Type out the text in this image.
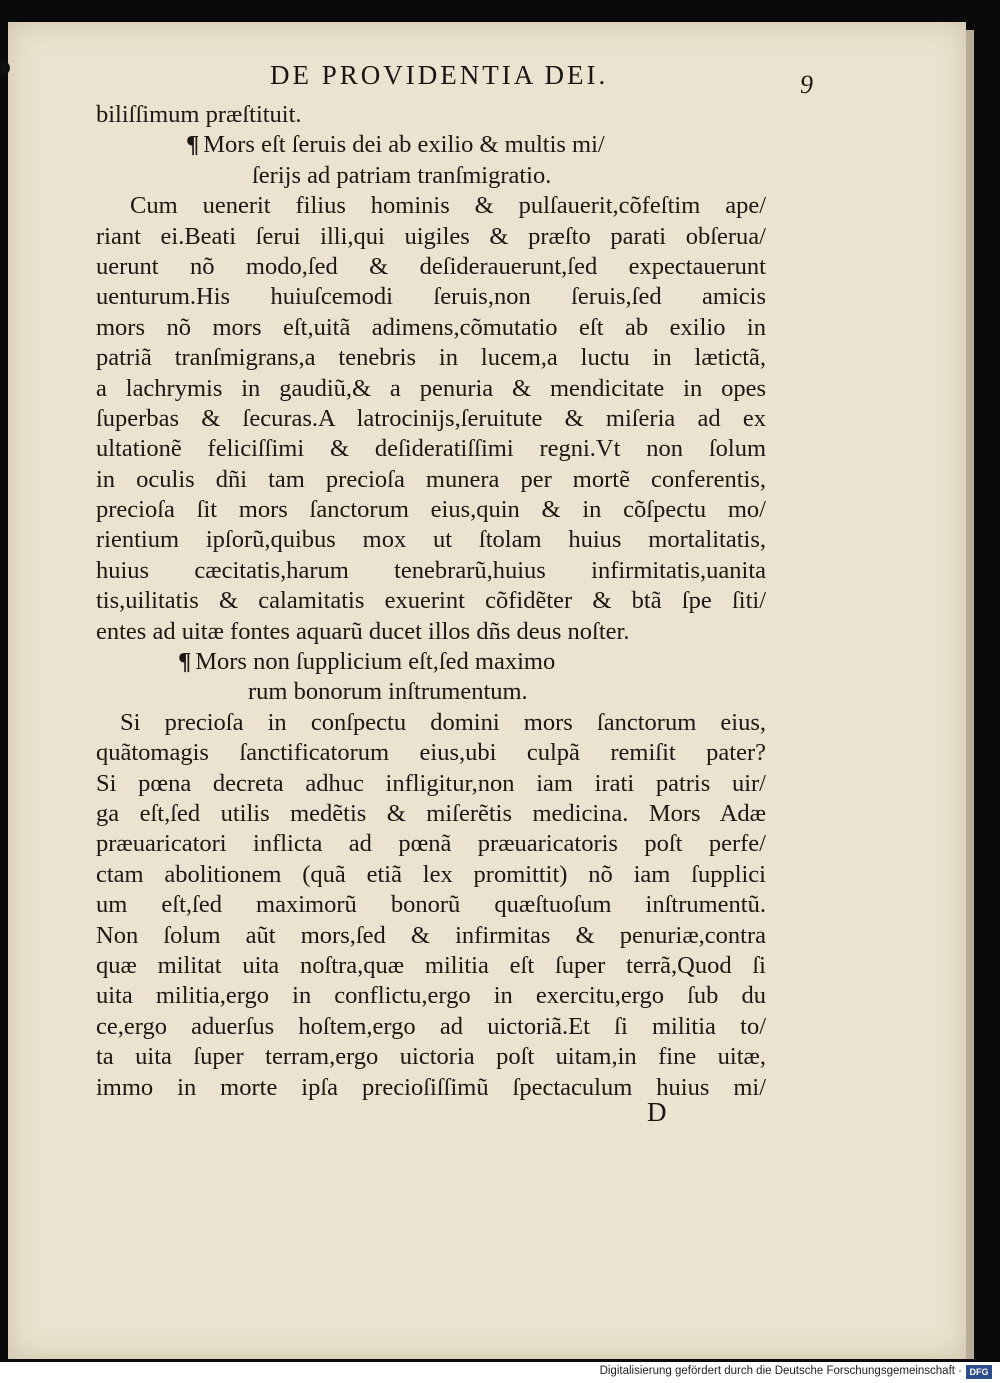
DE PROVIDENTIA DEI.	9
biliſſimum præſtituit.
¶ Mors eſt ſeruis dei ab exilio & multis mi/
ſerijs ad patriam tranſmigratio.
Cum uenerit filius hominis & pulſauerit,cõfeſtim ape/
riant ei.Beati ſerui illi,qui uigiles & præſto parati obſerua/
uerunt nõ modo,ſed & deſiderauerunt,ſed expectauerunt
uenturum.His huiuſcemodi ſeruis,non ſeruis,ſed amicis
mors nõ mors eſt,uitã adimens,cõmutatio eſt ab exilio in
patriã tranſmigrans,a tenebris in lucem,a luctu in lætictã,
a lachrymis in gaudiũ,& a penuria & mendicitate in opes
ſuperbas & ſecuras.A latrocinijs,ſeruitute & miſeria ad ex
ultationẽ feliciſſimi & deſideratiſſimi regni.Vt non ſolum
in oculis dñi tam precioſa munera per mortẽ conferentis,
precioſa ſit mors ſanctorum eius,quin & in cõſpectu mo/
rientium ipſorũ,quibus mox ut ſtolam huius mortalitatis,
huius cæcitatis,harum tenebrarũ,huius infirmitatis,uanita
tis,uilitatis & calamitatis exuerint cõfidẽter & btã ſpe ſiti/
entes ad uitæ fontes aquarũ ducet illos dñs deus noſter.
¶ Mors non ſupplicium eſt,ſed maximo
rum bonorum inſtrumentum.
Si precioſa in conſpectu domini mors ſanctorum eius,
quãtomagis ſanctificatorum eius,ubi culpã remiſit pater?
Si pœna decreta adhuc infligitur,non iam irati patris uir/
ga eſt,ſed utilis medẽtis & miſerẽtis medicina. Mors Adæ
præuaricatori inflicta ad pœnã præuaricatoris poſt perfe/
ctam abolitionem (quã etiã lex promittit) nõ iam ſupplici
um eſt,ſed maximorũ bonorũ quæſtuoſum inſtrumentũ.
Non ſolum aũt mors,ſed & infirmitas & penuriæ,contra
quæ militat uita noſtra,quæ militia eſt ſuper terrã,Quod ſi
uita militia,ergo in conflictu,ergo in exercitu,ergo ſub du
ce,ergo aduerſus hoſtem,ergo ad uictoriã.Et ſi militia to/
ta uita ſuper terram,ergo uictoria poſt uitam,in fine uitæ,
immo in morte ipſa precioſiſſimũ ſpectaculum huius mi/
D
Digitalisierung gefördert durch die Deutsche Forschungsgemeinschaft · DFG
